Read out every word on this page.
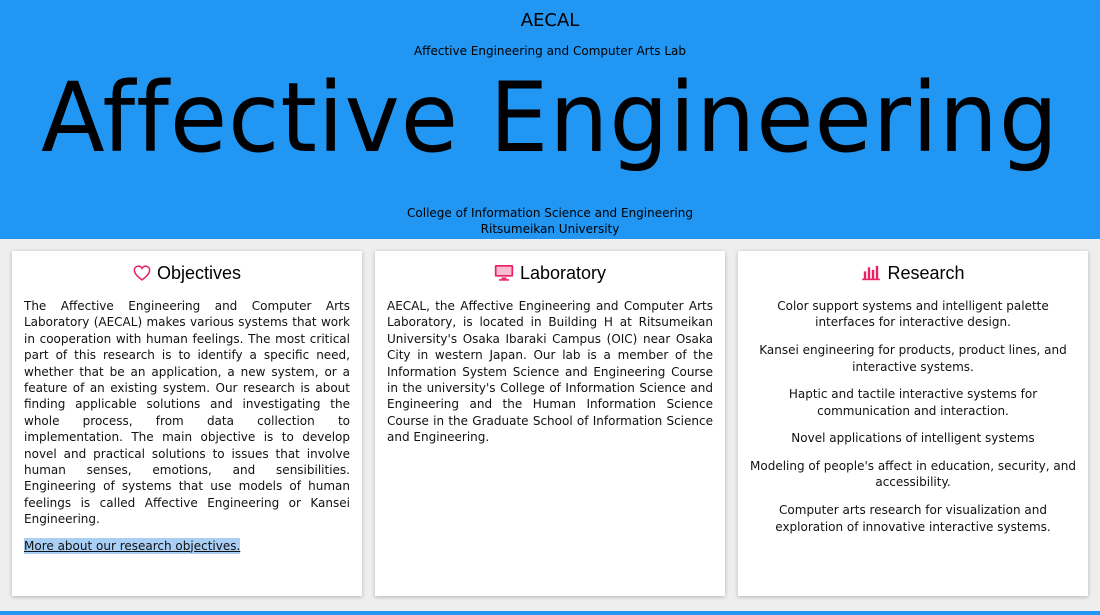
AECAL
Affective Engineering and Computer Arts Lab
Affective Engineering
College of Information Science and Engineering
Ritsumeikan University
Objectives
The Affective Engineering and Computer Arts Laboratory (AECAL) makes various systems that work in cooperation with human feelings. The most critical part of this research is to identify a specific need, whether that be an application, a new system, or a feature of an existing system. Our research is about finding applicable solutions and investigating the whole process, from data collection to implementation. The main objective is to develop novel and practical solutions to issues that involve human senses, emotions, and sensibilities. Engineering of systems that use models of human feelings is called Affective Engineering or Kansei Engineering.
More about our research objectives.
Laboratory
AECAL, the Affective Engineering and Computer Arts Laboratory, is located in Building H at Ritsumeikan University's Osaka Ibaraki Campus (OIC) near Osaka City in western Japan. Our lab is a member of the Information System Science and Engineering Course in the university's College of Information Science and Engineering and the Human Information Science Course in the Graduate School of Information Science and Engineering.
Research

Color support systems and intelligent palette interfaces for interactive design.

Kansei engineering for products, product lines, and interactive systems.

Haptic and tactile interactive systems for communication and interaction.

Novel applications of intelligent systems

Modeling of people's affect in education, security, and accessibility.

Computer arts research for visualization and exploration of innovative interactive systems.
